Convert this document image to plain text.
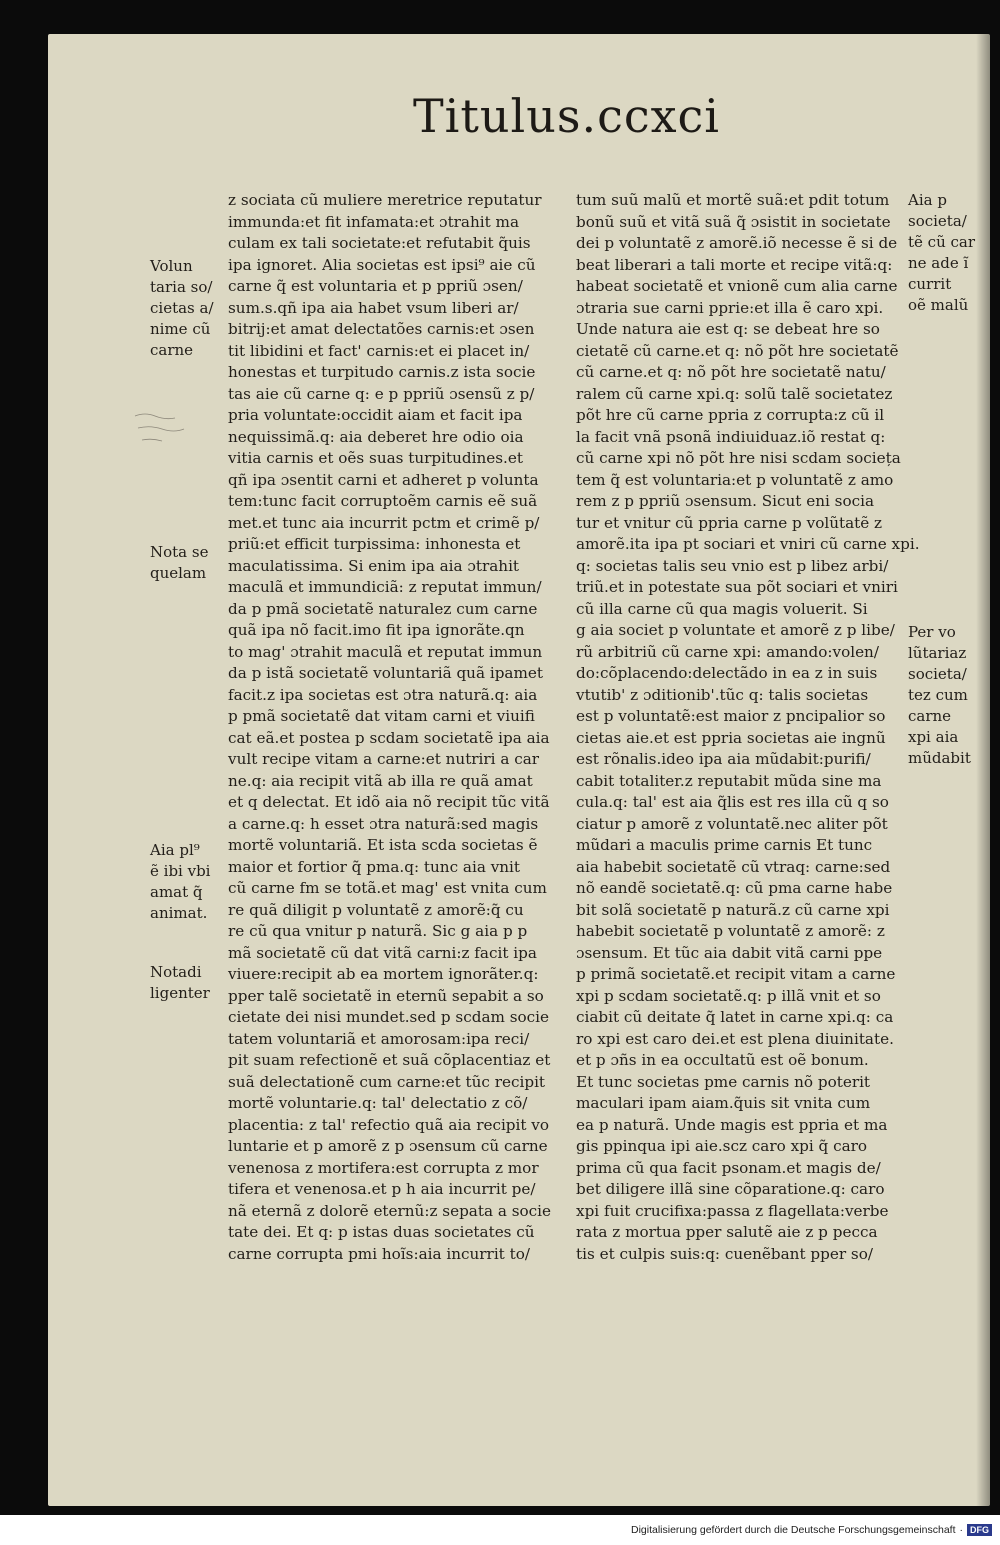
Titulus.ccxci
Volun
taria so/
cietas a/
nime cũ
carne
Nota se
quelam
Aia pl⁹
ẽ ibi vbi
amat q̃
animat.
Notadi
ligenter
Aia p
societa/
tẽ cũ car
ne ade ĩ
currit
oẽ malũ
Per vo
lũtariaz
societa/
tez cum
carne
xpi aia
mũdabit
z sociata cũ muliere meretrice reputatur
immunda:et fit infamata:et ɔtrahit ma
culam ex tali societate:et refutabit q̃uis
ipa ignoret. Alia societas est ipsi⁹ aie cũ
carne q̃ est voluntaria et p ppriũ ɔsen/
sum.s.qñ ipa aia habet vsum liberi ar/
bitrij:et amat delectatões carnis:et ɔsen
tit libidini et fact' carnis:et ei placet in/
honestas et turpitudo carnis.z ista socie
tas aie cũ carne q: e p ppriũ ɔsensũ z p/
pria voluntate:occidit aiam et facit ipa
nequissimã.q: aia deberet hre odio oia
vitia carnis et oẽs suas turpitudines.et
qñ ipa ɔsentit carni et adheret p volunta
tem:tunc facit corruptoẽm carnis eẽ suã
met.et tunc aia incurrit pctm et crimẽ p/
priũ:et efficit turpissima: inhonesta et
maculatissima. Si enim ipa aia ɔtrahit
maculã et immundiciã: z reputat immun/
da p pmã societatẽ naturalez cum carne
quã ipa nõ facit.imo fit ipa ignorãte.qn
to mag' ɔtrahit maculã et reputat immun
da p istã societatẽ voluntariã quã ipamet
facit.z ipa societas est ɔtra naturã.q: aia
p pmã societatẽ dat vitam carni et viuifi
cat eã.et postea p scdam societatẽ ipa aia
vult recipe vitam a carne:et nutriri a car
ne.q: aia recipit vitã ab illa re quã amat
et q delectat. Et idõ aia nõ recipit tũc vitã
a carne.q: h esset ɔtra naturã:sed magis
mortẽ voluntariã. Et ista scda societas ẽ
maior et fortior q̃ pma.q: tunc aia vnit
cũ carne fm se totã.et mag' est vnita cum
re quã diligit p voluntatẽ z amorẽ:q̃ cu
re cũ qua vnitur p naturã. Sic g aia p p
mã societatẽ cũ dat vitã carni:z facit ipa
viuere:recipit ab ea mortem ignorãter.q:
pper talẽ societatẽ in eternũ sepabit a so
cietate dei nisi mundet.sed p scdam socie
tatem voluntariã et amorosam:ipa reci/
pit suam refectionẽ et suã cõplacentiaz et
suã delectationẽ cum carne:et tũc recipit
mortẽ voluntarie.q: tal' delectatio z cõ/
placentia: z tal' refectio quã aia recipit vo
luntarie et p amorẽ z p ɔsensum cũ carne
venenosa z mortifera:est corrupta z mor
tifera et venenosa.et p h aia incurrit pe/
nã eternã z dolorẽ eternũ:z sepata a socie
tate dei. Et q: p istas duas societates cũ
carne corrupta pmi hoĩs:aia incurrit to/
tum suũ malũ et mortẽ suã:et pdit totum
bonũ suũ et vitã suã q̃ ɔsistit in societate
dei p voluntatẽ z amorẽ.iõ necesse ẽ si de
beat liberari a tali morte et recipe vitã:q:
habeat societatẽ et vnionẽ cum alia carne
ɔtraria sue carni pprie:et illa ẽ caro xpi.
Unde natura aie est q: se debeat hre so
cietatẽ cũ carne.et q: nõ põt hre societatẽ
cũ carne.et q: nõ põt hre societatẽ natu/
ralem cũ carne xpi.q: solũ talẽ societatez
põt hre cũ carne ppria z corrupta:z cũ il
la facit vnã psonã indiuiduaz.iõ restat q:
cũ carne xpi nõ põt hre nisi scdam socieța
tem q̃ est voluntaria:et p voluntatẽ z amo
rem z p ppriũ ɔsensum. Sicut eni socia
tur et vnitur cũ ppria carne p volũtatẽ z
amorẽ.ita ipa pt sociari et vniri cũ carne xpi.
q: societas talis seu vnio est p libez arbi/
triũ.et in potestate sua põt sociari et vniri
cũ illa carne cũ qua magis voluerit. Si
g aia societ p voluntate et amorẽ z p libe/
rũ arbitriũ cũ carne xpi: amando:volen/
do:cõplacendo:delectãdo in ea z in suis
vtutib' z ɔditionib'.tũc q: talis societas
est p voluntatẽ:est maior z pncipalior so
cietas aie.et est ppria societas aie ingnũ
est rõnalis.ideo ipa aia mũdabit:purifi/
cabit totaliter.z reputabit mũda sine ma
cula.q: tal' est aia q̃lis est res illa cũ q so
ciatur p amorẽ z voluntatẽ.nec aliter põt
mũdari a maculis prime carnis Et tunc
aia habebit societatẽ cũ vtraq: carne:sed
nõ eandẽ societatẽ.q: cũ pma carne habe
bit solã societatẽ p naturã.z cũ carne xpi
habebit societatẽ p voluntatẽ z amorẽ: z
ɔsensum. Et tũc aia dabit vitã carni ppe
p primã societatẽ.et recipit vitam a carne
xpi p scdam societatẽ.q: p illã vnit et so
ciabit cũ deitate q̃ latet in carne xpi.q: ca
ro xpi est caro dei.et est plena diuinitate.
et p ɔñs in ea occultatũ est oẽ bonum.
Et tunc societas pme carnis nõ poterit
maculari ipam aiam.q̃uis sit vnita cum
ea p naturã. Unde magis est ppria et ma
gis ppinqua ipi aie.scz caro xpi q̃ caro
prima cũ qua facit psonam.et magis de/
bet diligere illã sine cõparatione.q: caro
xpi fuit crucifixa:passa z flagellata:verbe
rata z mortua pper salutẽ aie z p pecca
tis et culpis suis:q: cuenẽbant pper so/
Digitalisierung gefördert durch die Deutsche Forschungsgemeinschaft · DFG
